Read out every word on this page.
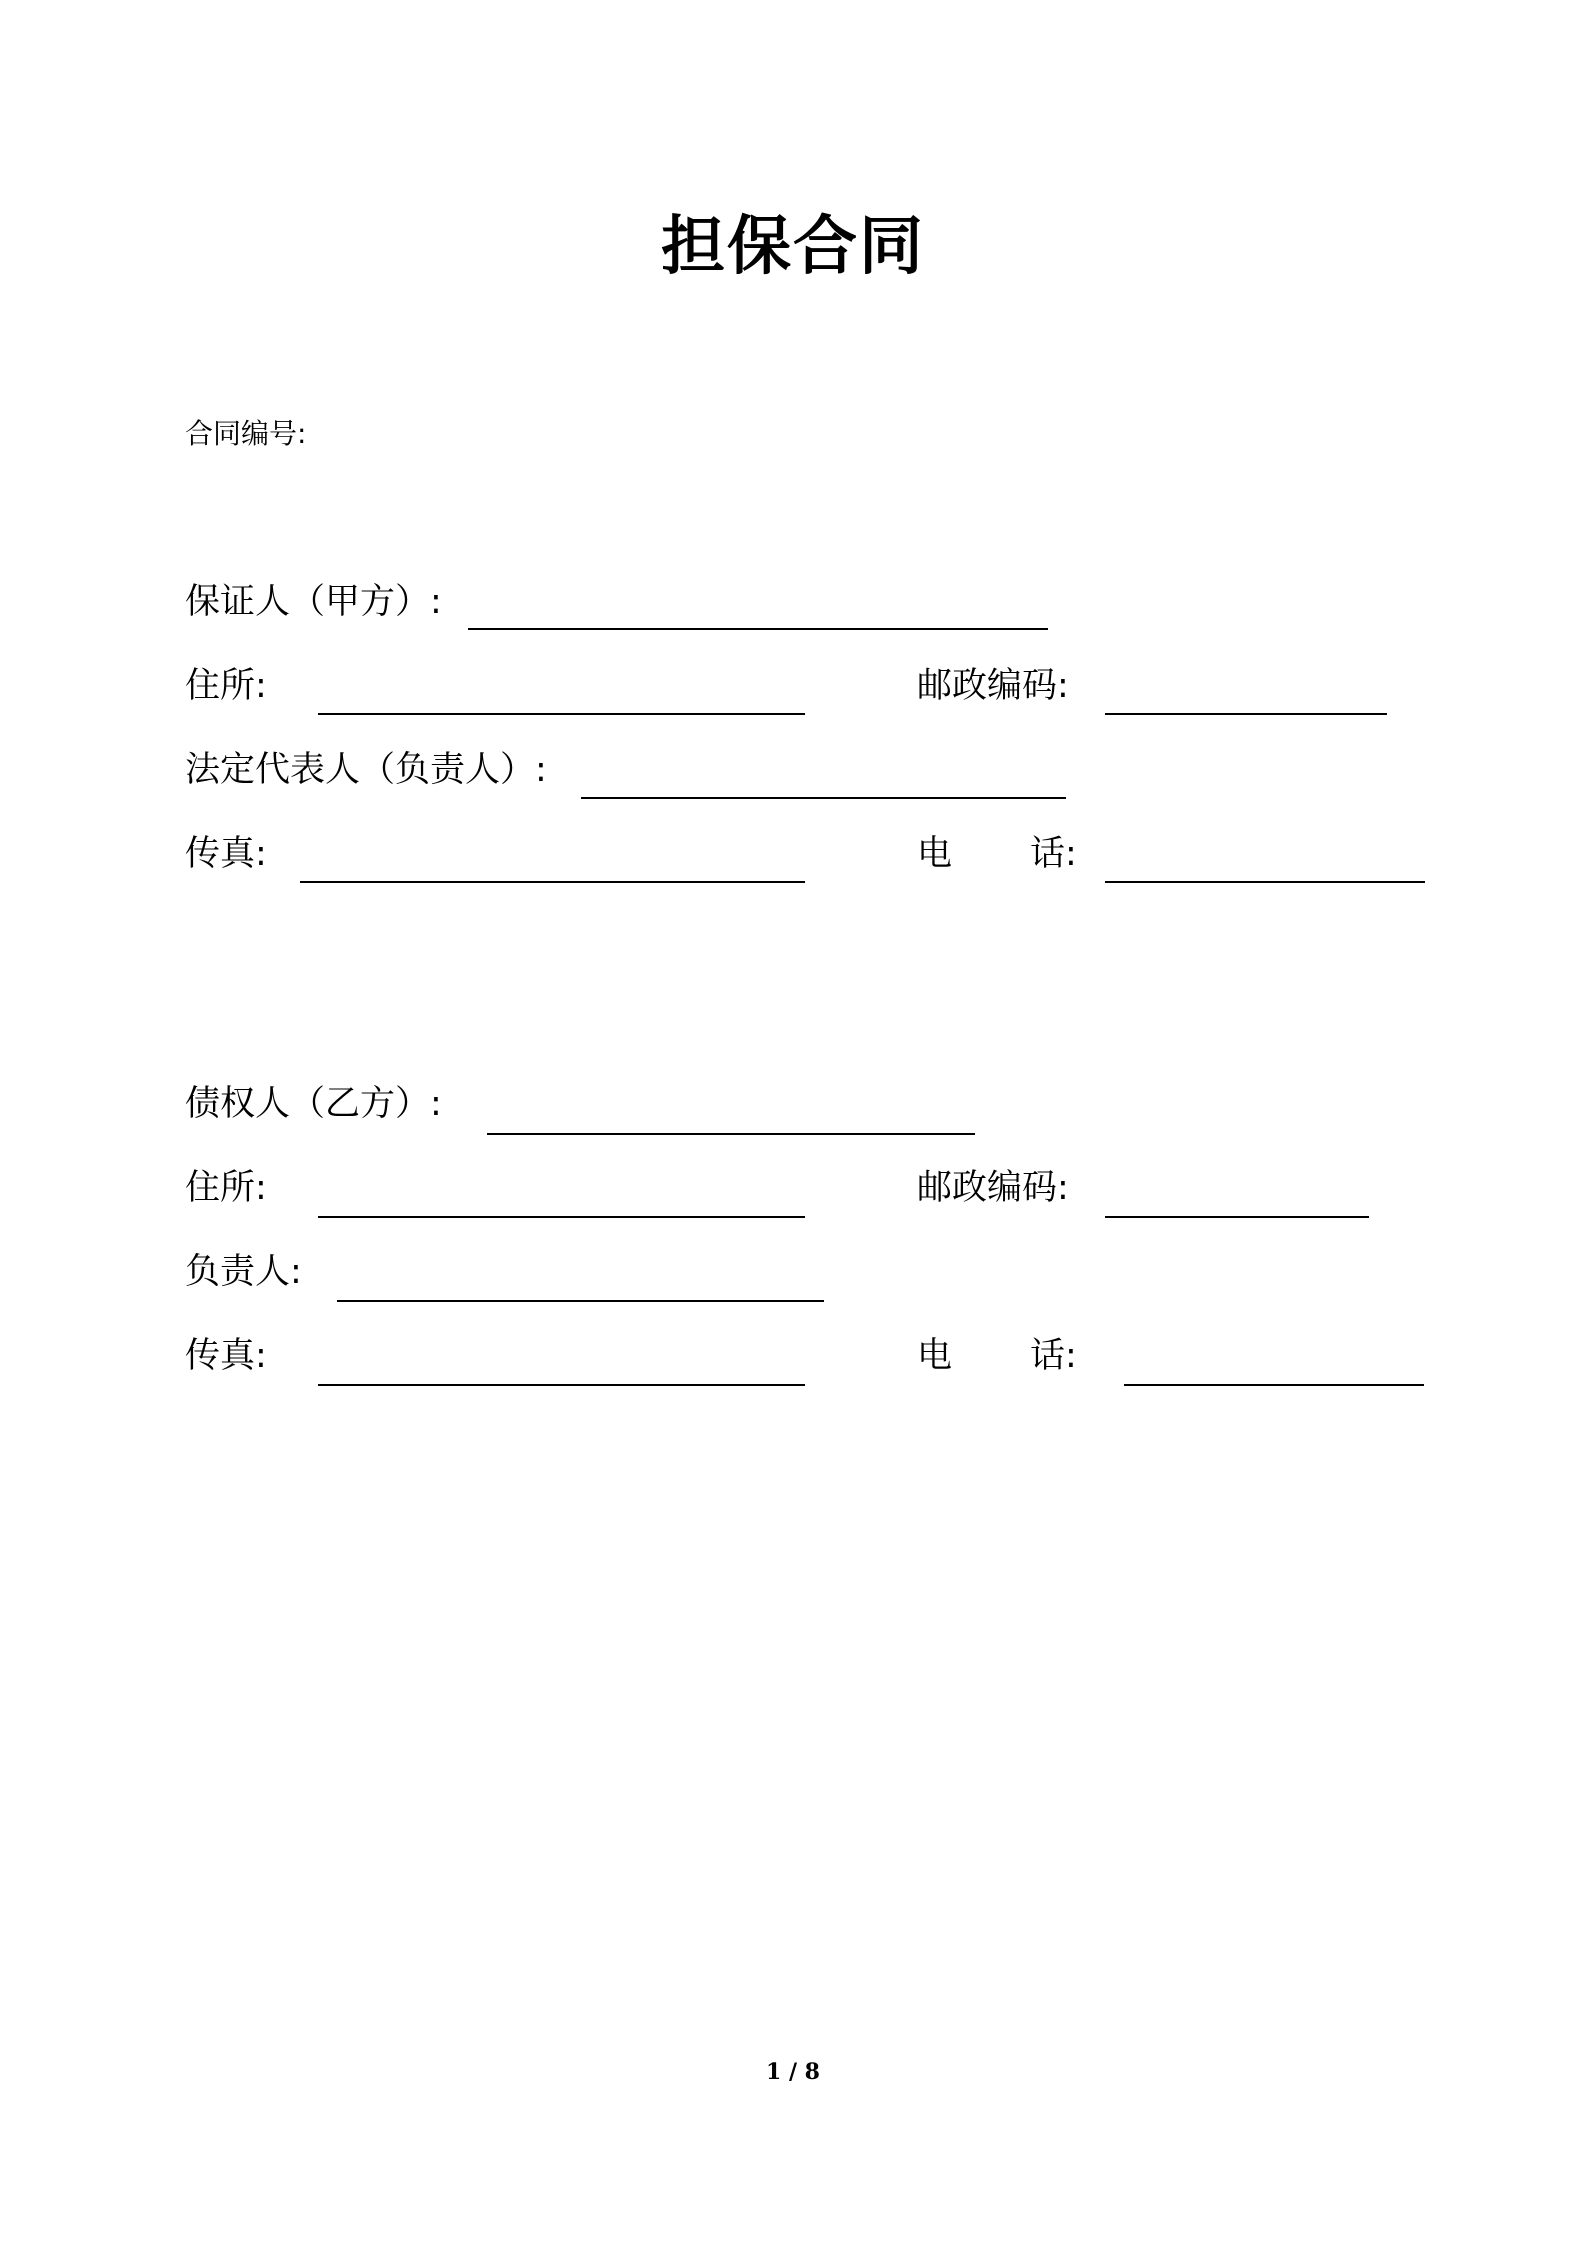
担保合同
合同编号:
保证人（甲方）:
住所:	邮政编码:
法定代表人（负责人）:
传真:	电 话:
债权人（乙方）:
住所:	邮政编码:
负责人:
传真:	电 话:
1 / 8
